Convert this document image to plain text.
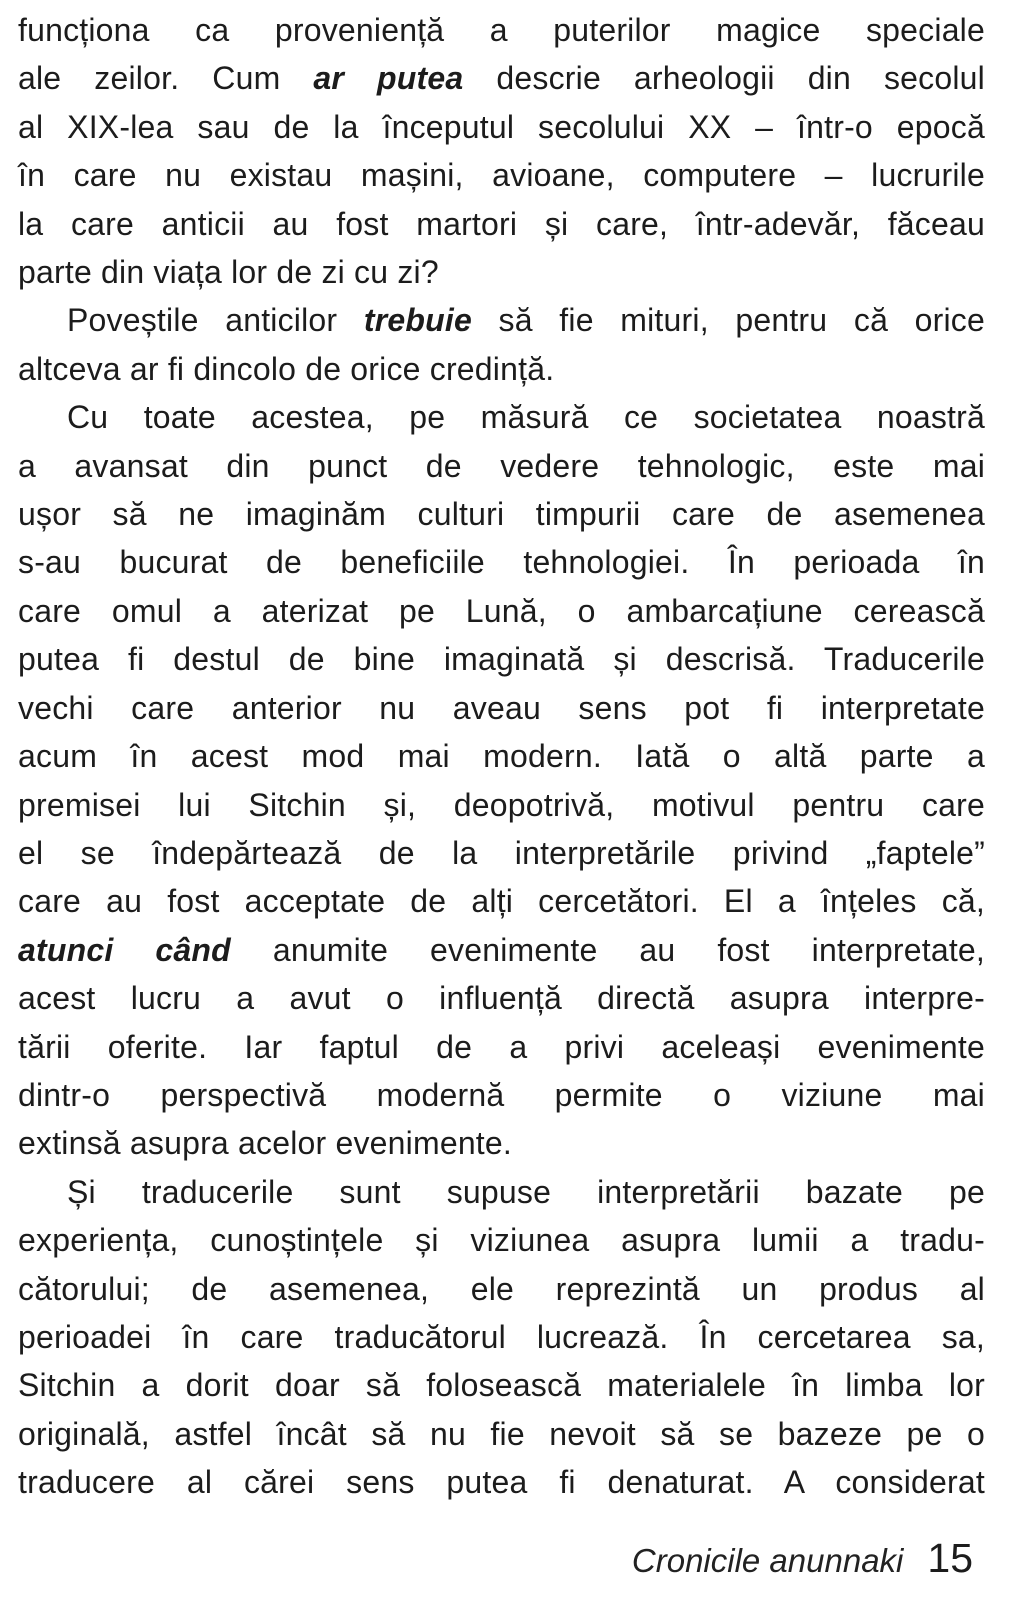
funcționa ca proveniență a puterilor magice speciale
ale zeilor. Cum ar putea descrie arheologii din secolul
al XIX-lea sau de la începutul secolului XX – într-o epocă
în care nu existau mașini, avioane, computere – lucrurile
la care anticii au fost martori și care, într-adevăr, făceau
parte din viața lor de zi cu zi?
Poveștile anticilor trebuie să fie mituri, pentru că orice
altceva ar fi dincolo de orice credință.
Cu toate acestea, pe măsură ce societatea noastră
a avansat din punct de vedere tehnologic, este mai
ușor să ne imaginăm culturi timpurii care de asemenea
s-au bucurat de beneficiile tehnologiei. În perioada în
care omul a aterizat pe Lună, o ambarcațiune cerească
putea fi destul de bine imaginată și descrisă. Traducerile
vechi care anterior nu aveau sens pot fi interpretate
acum în acest mod mai modern. Iată o altă parte a
premisei lui Sitchin și, deopotrivă, motivul pentru care
el se îndepărtează de la interpretările privind „faptele”
care au fost acceptate de alți cercetători. El a înțeles că,
atunci când anumite evenimente au fost interpretate,
acest lucru a avut o influență directă asupra interpre-
tării oferite. Iar faptul de a privi aceleași evenimente
dintr-o perspectivă modernă permite o viziune mai
extinsă asupra acelor evenimente.
Și traducerile sunt supuse interpretării bazate pe
experiența, cunoștințele și viziunea asupra lumii a tradu-
cătorului; de asemenea, ele reprezintă un produs al
perioadei în care traducătorul lucrează. În cercetarea sa,
Sitchin a dorit doar să folosească materialele în limba lor
originală, astfel încât să nu fie nevoit să se bazeze pe o
traducere al cărei sens putea fi denaturat. A considerat
Cronicile anunnaki 15
